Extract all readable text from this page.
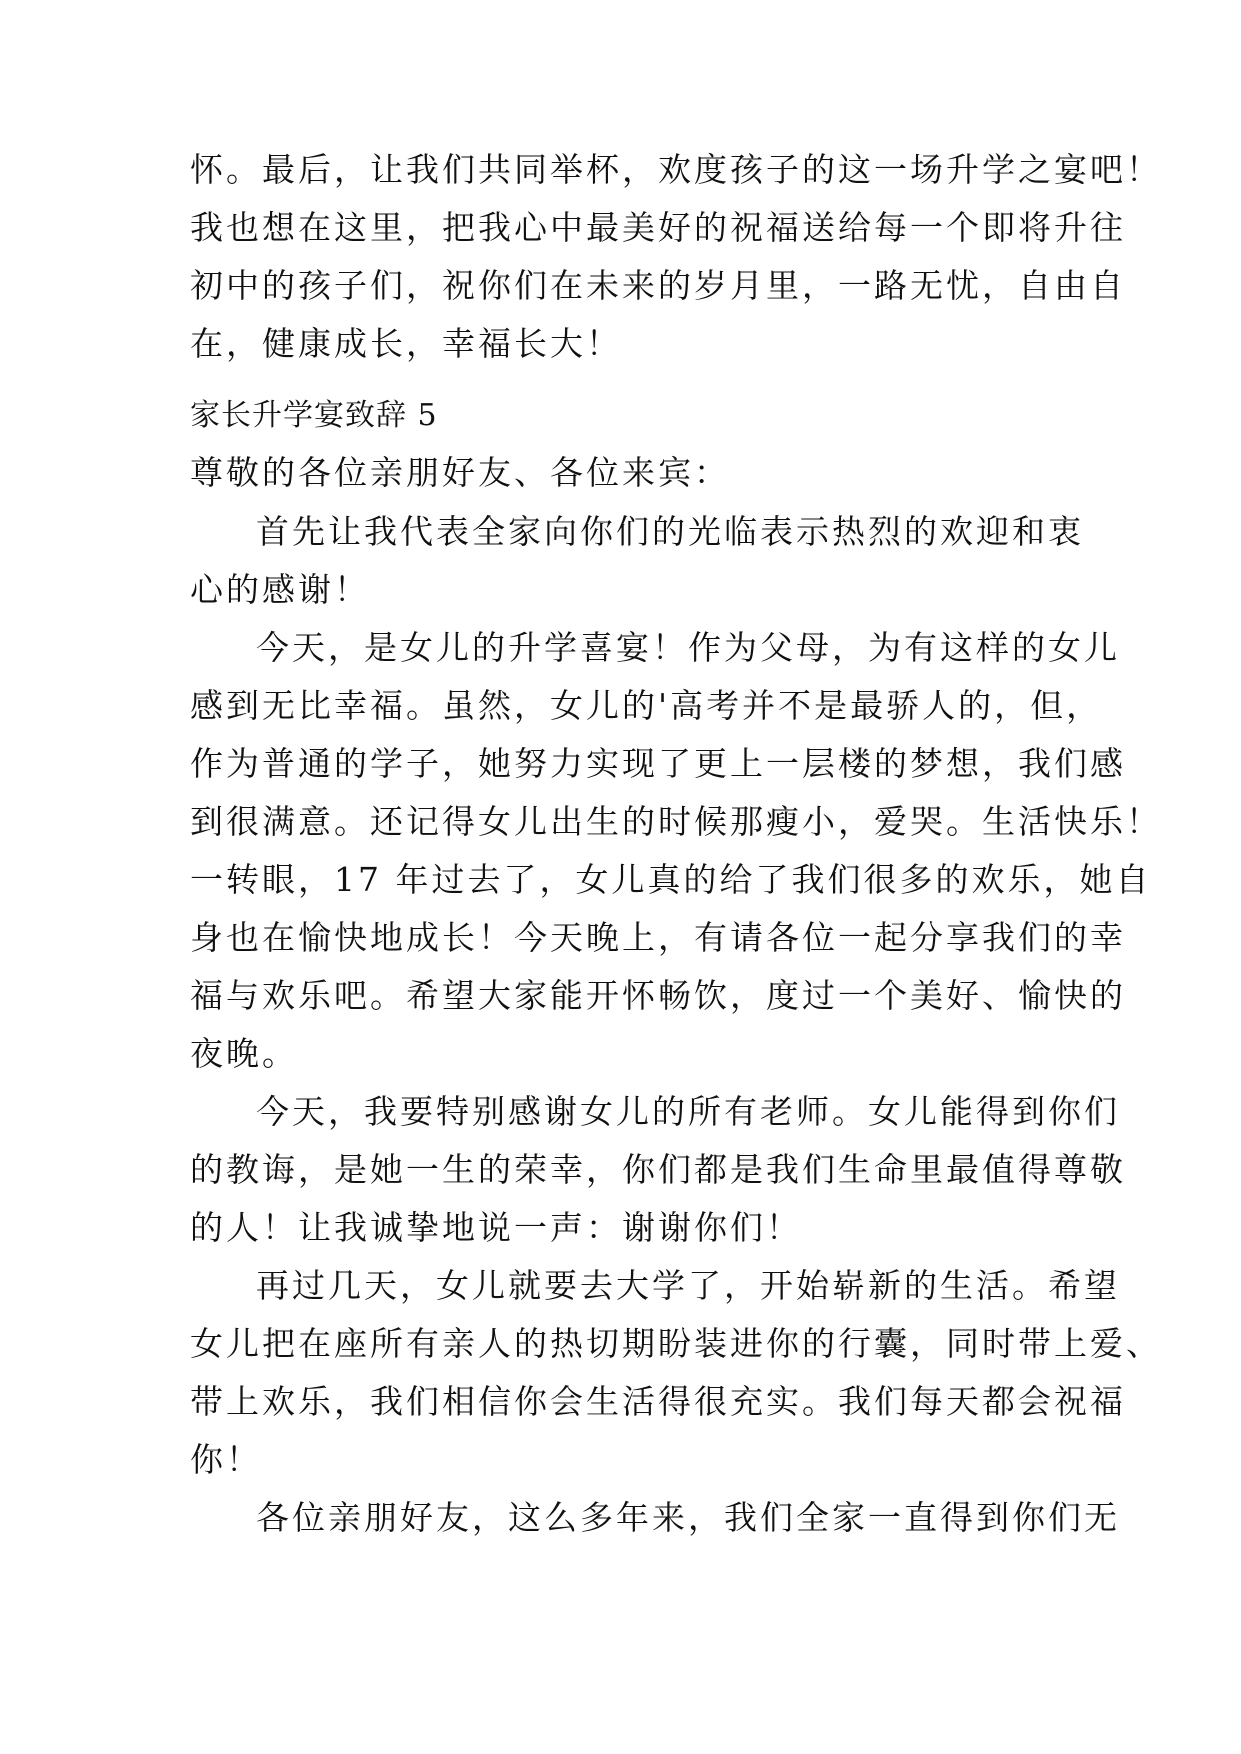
怀。最后，让我们共同举杯，欢度孩子的这一场升学之宴吧！
我也想在这里，把我心中最美好的祝福送给每一个即将升往
初中的孩子们，祝你们在未来的岁月里，一路无忧，自由自
在，健康成长，幸福长大！
家长升学宴致辞 5
尊敬的各位亲朋好友、各位来宾：
首先让我代表全家向你们的光临表示热烈的欢迎和衷
心的感谢！
今天，是女儿的升学喜宴！作为父母，为有这样的女儿
感到无比幸福。虽然，女儿的'高考并不是最骄人的，但，
作为普通的学子，她努力实现了更上一层楼的梦想，我们感
到很满意。还记得女儿出生的时候那瘦小，爱哭。生活快乐！
一转眼，17 年过去了，女儿真的给了我们很多的欢乐，她自
身也在愉快地成长！今天晚上，有请各位一起分享我们的幸
福与欢乐吧。希望大家能开怀畅饮，度过一个美好、愉快的
夜晚。
今天，我要特别感谢女儿的所有老师。女儿能得到你们
的教诲，是她一生的荣幸，你们都是我们生命里最值得尊敬
的人！让我诚挚地说一声：谢谢你们！
再过几天，女儿就要去大学了，开始崭新的生活。希望
女儿把在座所有亲人的热切期盼装进你的行囊，同时带上爱、
带上欢乐，我们相信你会生活得很充实。我们每天都会祝福
你！
各位亲朋好友，这么多年来，我们全家一直得到你们无
